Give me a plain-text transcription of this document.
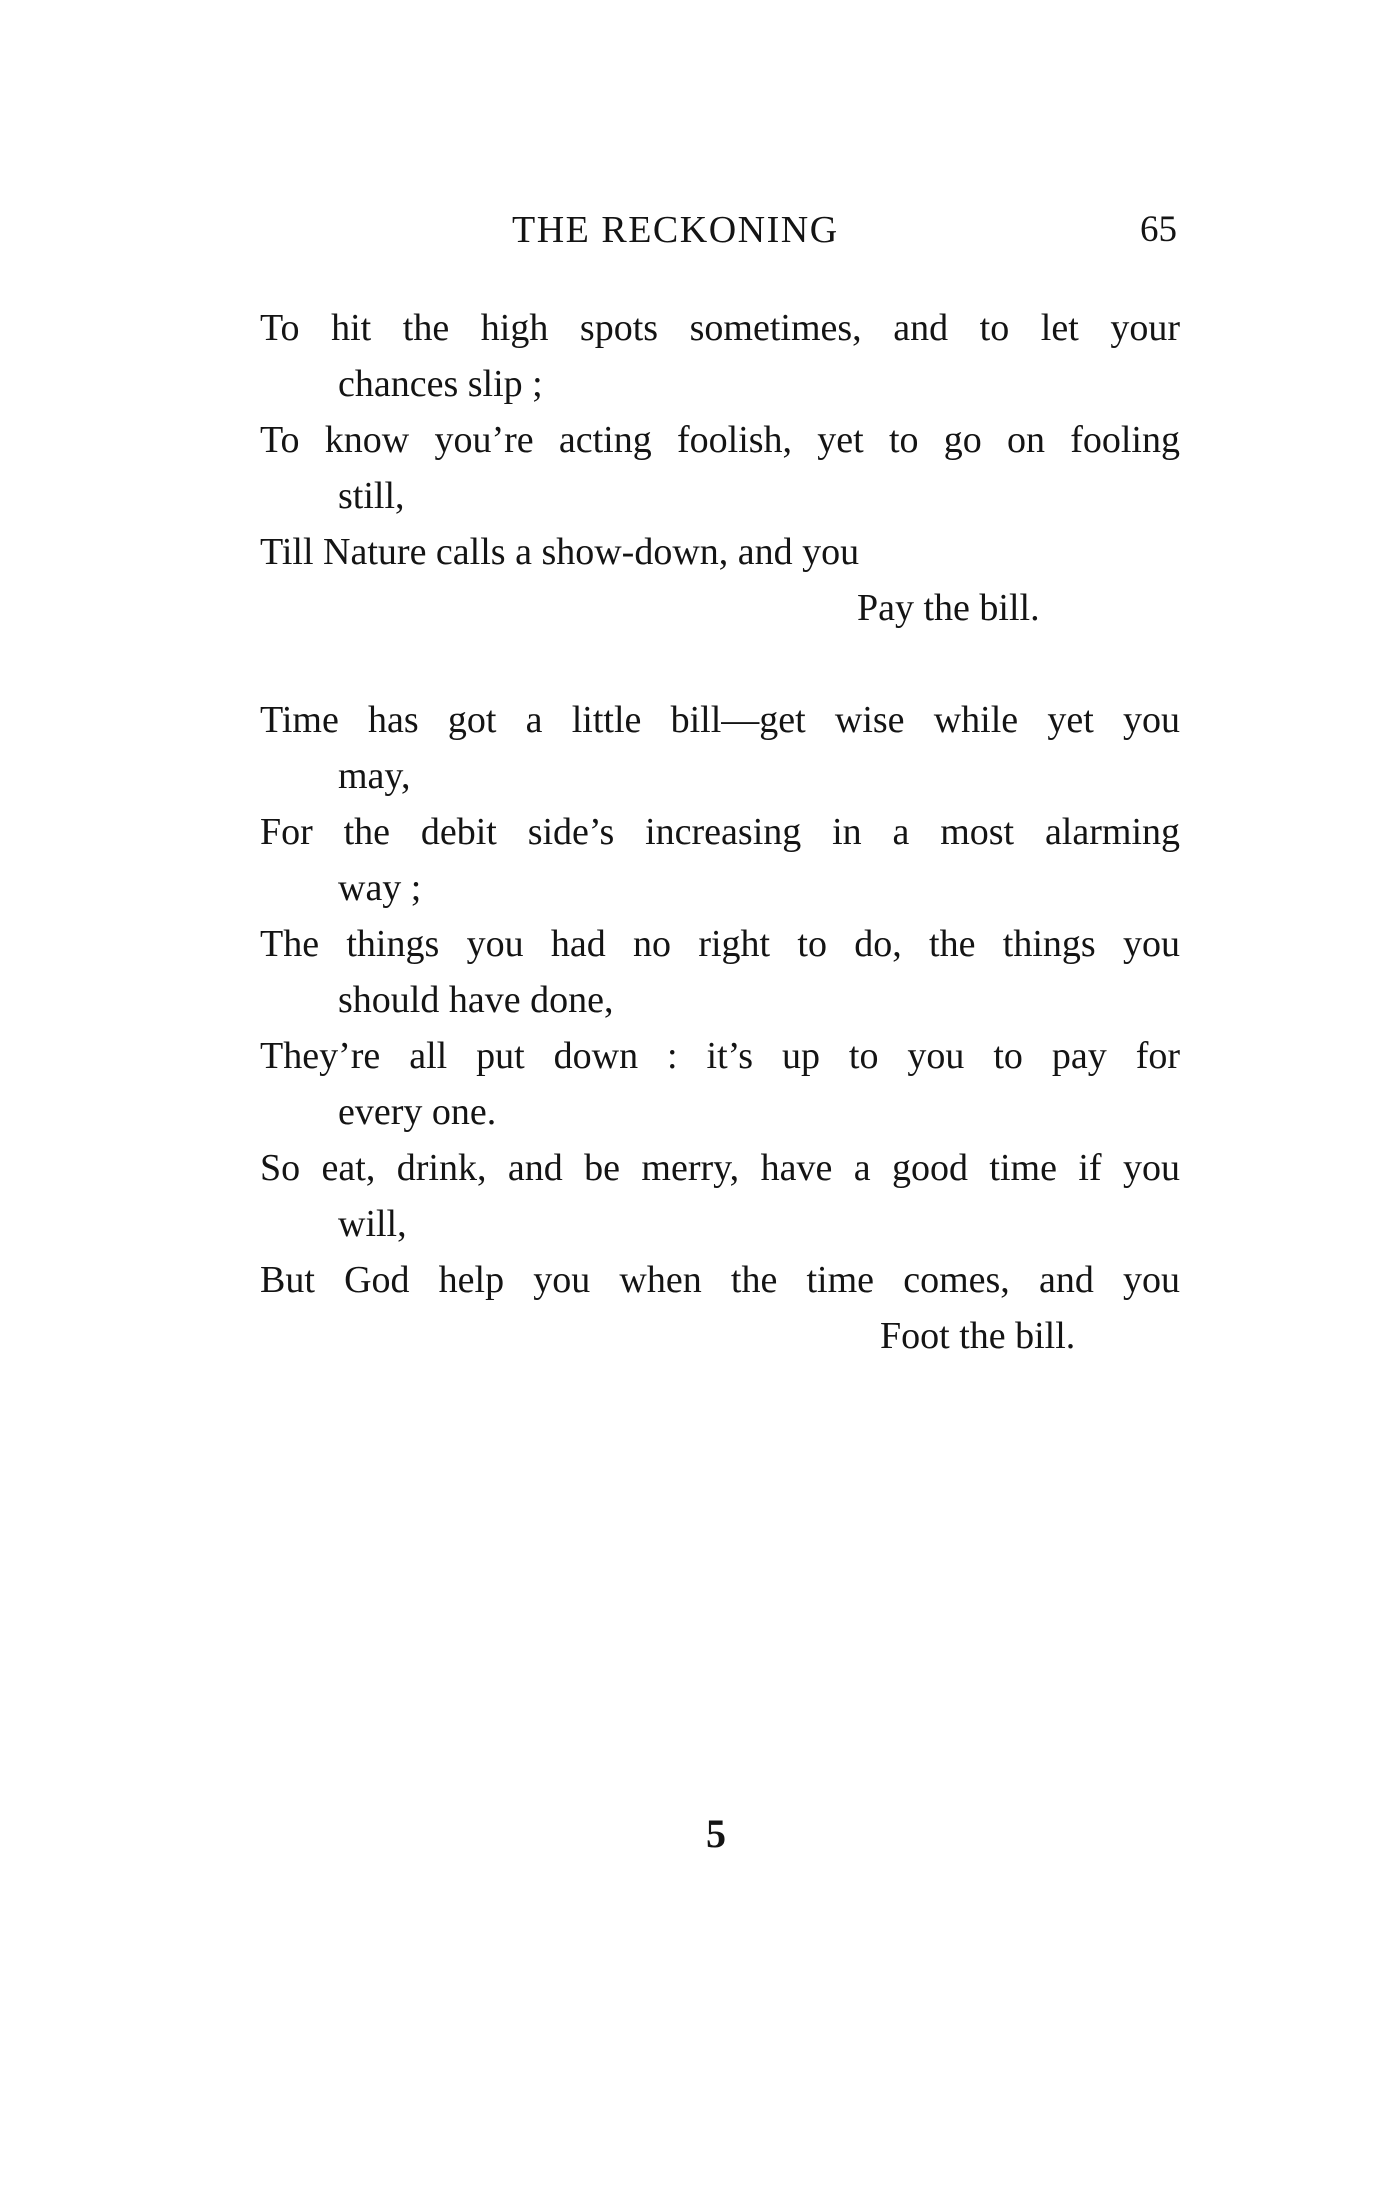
THE RECKONING	65
To hit the high spots sometimes, and to let your
chances slip ;
To know you’re acting foolish, yet to go on fooling
still,
Till Nature calls a show-down, and you
Pay the bill.
Time has got a little bill—get wise while yet you
may,
For the debit side’s increasing in a most alarming
way ;
The things you had no right to do, the things you
should have done,
They’re all put down : it’s up to you to pay for
every one.
So eat, drink, and be merry, have a good time if you
will,
But God help you when the time comes, and you
Foot the bill.
5
